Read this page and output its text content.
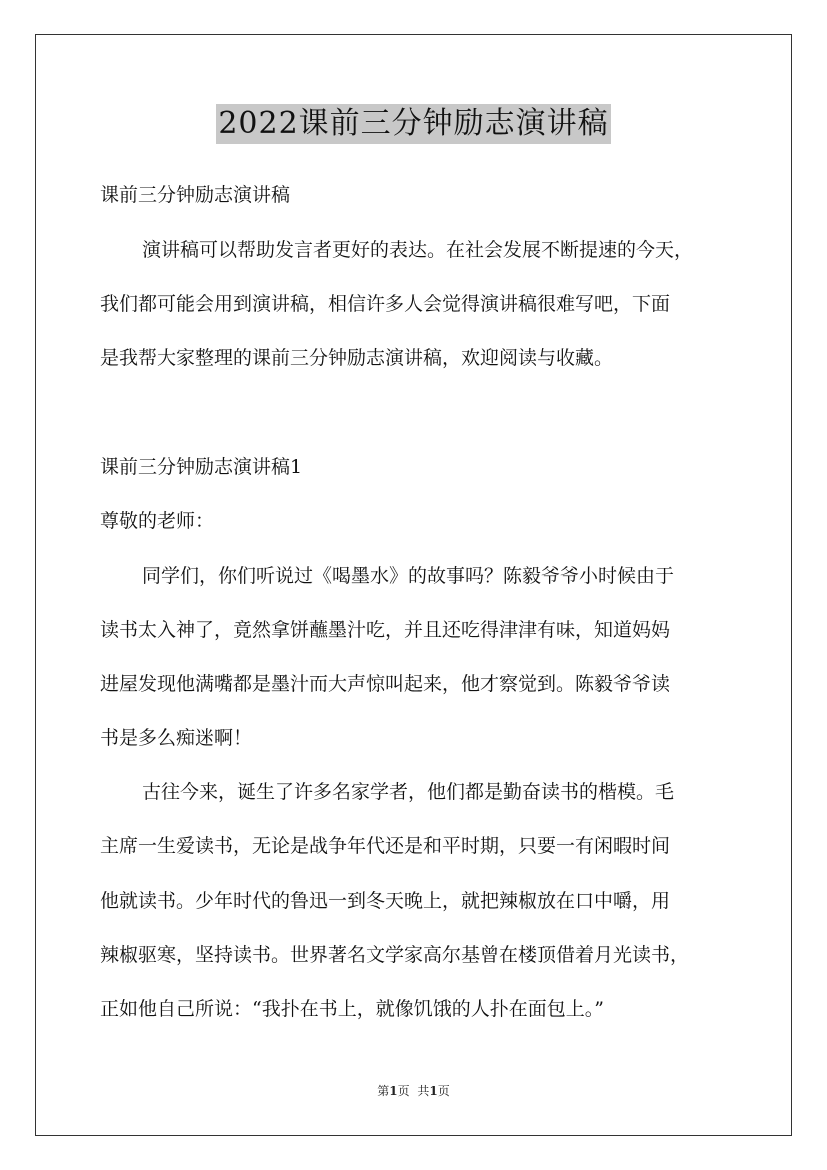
2022课前三分钟励志演讲稿
课前三分钟励志演讲稿
演讲稿可以帮助发言者更好的表达。在社会发展不断提速的今天，
我们都可能会用到演讲稿，相信许多人会觉得演讲稿很难写吧，下面
是我帮大家整理的课前三分钟励志演讲稿，欢迎阅读与收藏。
课前三分钟励志演讲稿1
尊敬的老师：
同学们，你们听说过《喝墨水》的故事吗？陈毅爷爷小时候由于
读书太入神了，竟然拿饼蘸墨汁吃，并且还吃得津津有味，知道妈妈
进屋发现他满嘴都是墨汁而大声惊叫起来，他才察觉到。陈毅爷爷读
书是多么痴迷啊！
古往今来，诞生了许多名家学者，他们都是勤奋读书的楷模。毛
主席一生爱读书，无论是战争年代还是和平时期，只要一有闲暇时间
他就读书。少年时代的鲁迅一到冬天晚上，就把辣椒放在口中嚼，用
辣椒驱寒，坚持读书。世界著名文学家高尔基曾在楼顶借着月光读书，
正如他自己所说：“我扑在书上，就像饥饿的人扑在面包上。”
第1页 共1页
